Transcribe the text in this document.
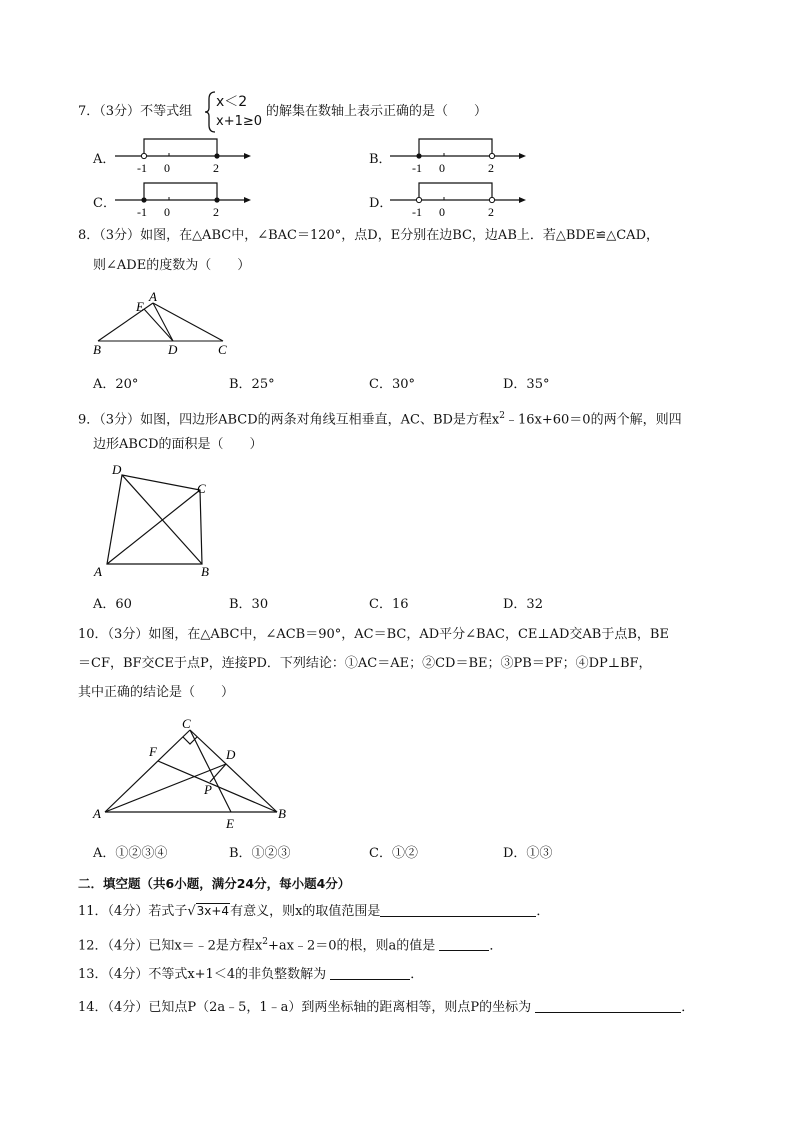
7．（3分）不等式组
x＜2
x+1≥0
的解集在数轴上表示正确的是（　　）
A．
-1 0	2
B．
-1 0	2
C．
-1 0	2
D．
-1 0	2
8．（3分）如图，在△ABC中，∠BAC＝120°，点D，E分别在边BC，边AB上．若△BDE≌△CAD，
则∠ADE的度数为（　　）
A
E
B	D	C
A．20°	B．25°	C．30°	D．35°
9．（3分）如图，四边形ABCD的两条对角线互相垂直，AC、BD是方程$x^2﹣16x+60=0$的两个解，则四
边形ABCD的面积是（　　）
D
C
A	B
A．60	B．30	C．16	D．32
10．（3分）如图，在△ABC中，∠ACB＝90°，AC＝BC，AD平分∠BAC，CE⊥AD交AB于点B，BE
＝CF，BF交CE于点P，连接PD．下列结论：①AC＝AE；②CD＝BE；③PB＝PF；④DP⊥BF，
其中正确的结论是（　　）
C
F	D
P
A	B
E
A．①②③④	B．①②③	C．①②	D．①③
二．填空题（共6小题，满分24分，每小题4分）
11．（4分）若式子√3x+4有意义，则x的取值范围是	．
12．（4分）已知x＝﹣2是方程$x^2+ax﹣2=0$的根，则a的值是	．
13．（4分）不等式x+1＜4的非负整数解为	．
14．（4分）已知点P（2a﹣5，1﹣a）到两坐标轴的距离相等，则点P的坐标为	．
